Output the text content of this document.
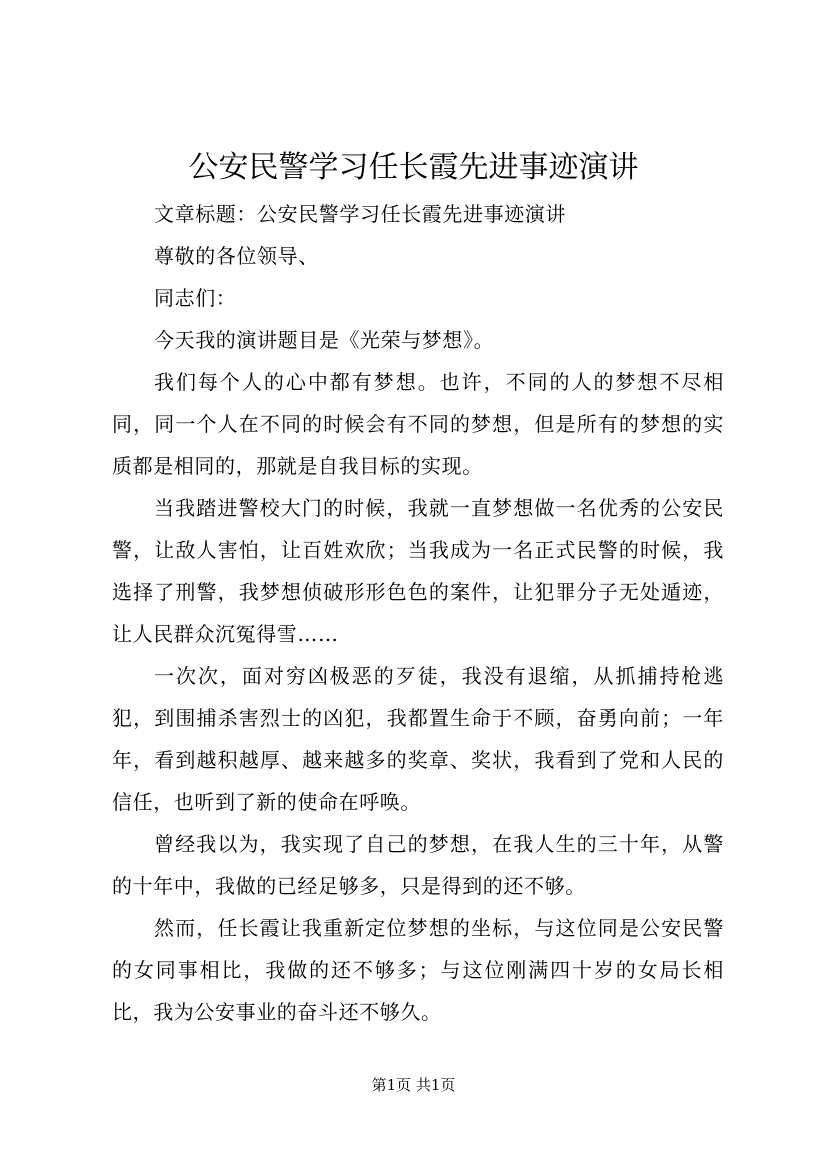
公安民警学习任长霞先进事迹演讲

文章标题：公安民警学习任长霞先进事迹演讲

尊敬的各位领导、

同志们：

今天我的演讲题目是《光荣与梦想》。

我们每个人的心中都有梦想。也许，不同的人的梦想不尽相同，同一个人在不同的时候会有不同的梦想，但是所有的梦想的实质都是相同的，那就是自我目标的实现。

当我踏进警校大门的时候，我就一直梦想做一名优秀的公安民警，让敌人害怕，让百姓欢欣；当我成为一名正式民警的时候，我选择了刑警，我梦想侦破形形色色的案件，让犯罪分子无处遁迹，让人民群众沉冤得雪……

一次次，面对穷凶极恶的歹徒，我没有退缩，从抓捕持枪逃犯，到围捕杀害烈士的凶犯，我都置生命于不顾，奋勇向前；一年年，看到越积越厚、越来越多的奖章、奖状，我看到了党和人民的信任，也听到了新的使命在呼唤。

曾经我以为，我实现了自己的梦想，在我人生的三十年，从警的十年中，我做的已经足够多，只是得到的还不够。

然而，任长霞让我重新定位梦想的坐标，与这位同是公安民警的女同事相比，我做的还不够多；与这位刚满四十岁的女局长相比，我为公安事业的奋斗还不够久。

第1页 共1页
